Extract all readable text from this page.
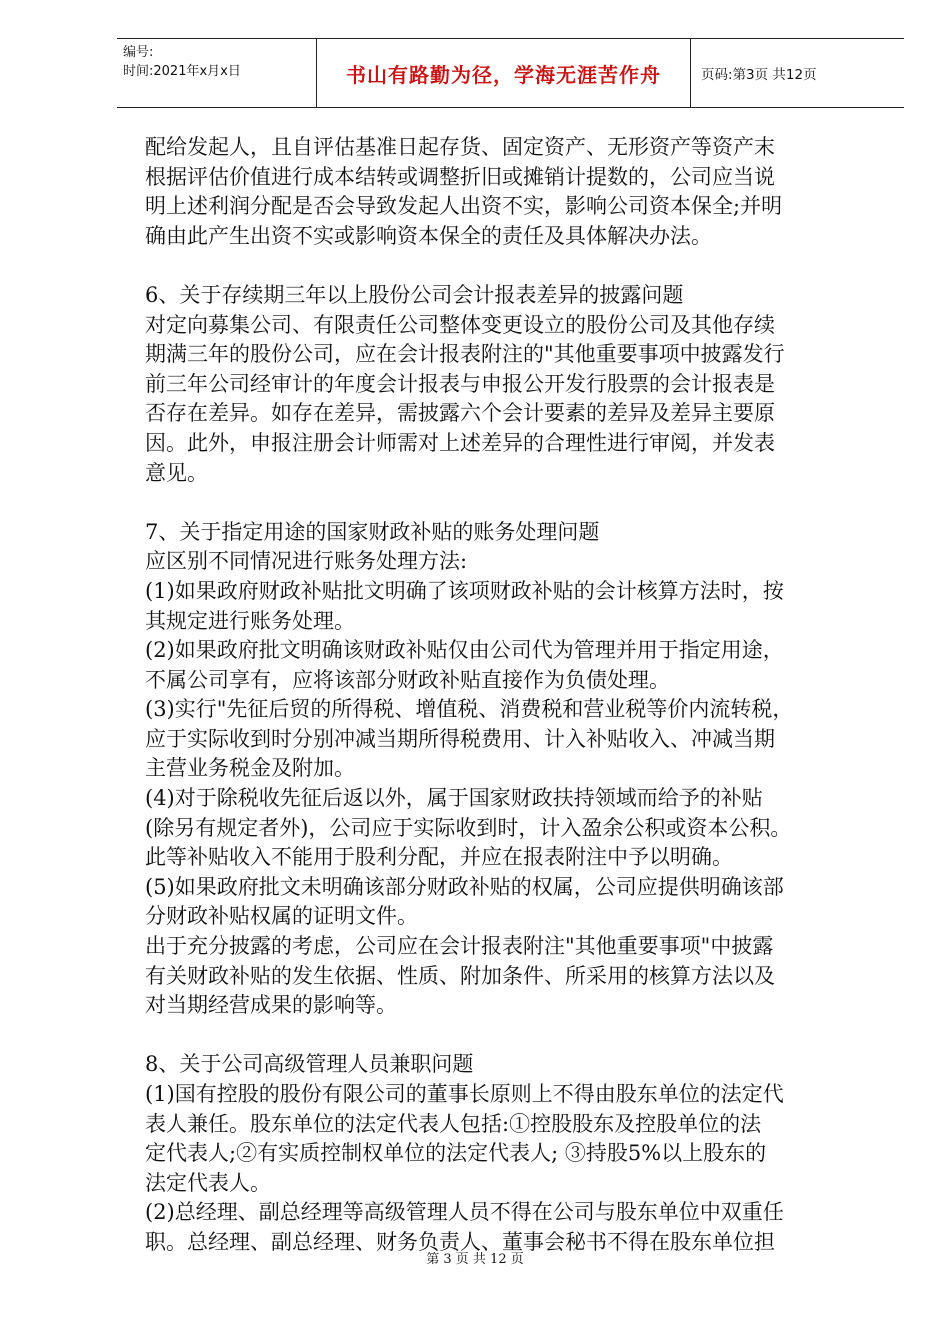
编号:
时间:2021年x月x日	书山有路勤为径，学海无涯苦作舟	页码:第3页 共12页

配给发起人，且自评估基准日起存货、固定资产、无形资产等资产末

根据评估价值进行成本结转或调整折旧或摊销计提数的，公司应当说

明上述利润分配是否会导致发起人出资不实，影响公司资本保全;并明

确由此产生出资不实或影响资本保全的责任及具体解决办法。

6、关于存续期三年以上股份公司会计报表差异的披露问题

对定向募集公司、有限责任公司整体变更设立的股份公司及其他存续

期满三年的股份公司，应在会计报表附注的"其他重要事项中披露发行

前三年公司经审计的年度会计报表与申报公开发行股票的会计报表是

否存在差异。如存在差异，需披露六个会计要素的差异及差异主要原

因。此外，申报注册会计师需对上述差异的合理性进行审阅，并发表

意见。

7、关于指定用途的国家财政补贴的账务处理问题

应区别不同情况进行账务处理方法:

(1)如果政府财政补贴批文明确了该项财政补贴的会计核算方法时，按

其规定进行账务处理。

(2)如果政府批文明确该财政补贴仅由公司代为管理并用于指定用途，

不属公司享有，应将该部分财政补贴直接作为负债处理。

(3)实行"先征后贸的所得税、增值税、消费税和营业税等价内流转税，

应于实际收到时分别冲减当期所得税费用、计入补贴收入、冲减当期

主营业务税金及附加。

(4)对于除税收先征后返以外，属于国家财政扶持领域而给予的补贴

(除另有规定者外)，公司应于实际收到时，计入盈余公积或资本公积。

此等补贴收入不能用于股利分配，并应在报表附注中予以明确。

(5)如果政府批文未明确该部分财政补贴的权属，公司应提供明确该部

分财政补贴权属的证明文件。

出于充分披露的考虑，公司应在会计报表附注"其他重要事项"中披露

有关财政补贴的发生依据、性质、附加条件、所采用的核算方法以及

对当期经营成果的影响等。

8、关于公司高级管理人员兼职问题

(1)国有控股的股份有限公司的董事长原则上不得由股东单位的法定代

表人兼任。股东单位的法定代表人包括:①控股股东及控股单位的法

定代表人;②有实质控制权单位的法定代表人; ③持股5%以上股东的

法定代表人。

(2)总经理、副总经理等高级管理人员不得在公司与股东单位中双重任

职。总经理、副总经理、财务负责人、董事会秘书不得在股东单位担

第 3 页 共 12 页
